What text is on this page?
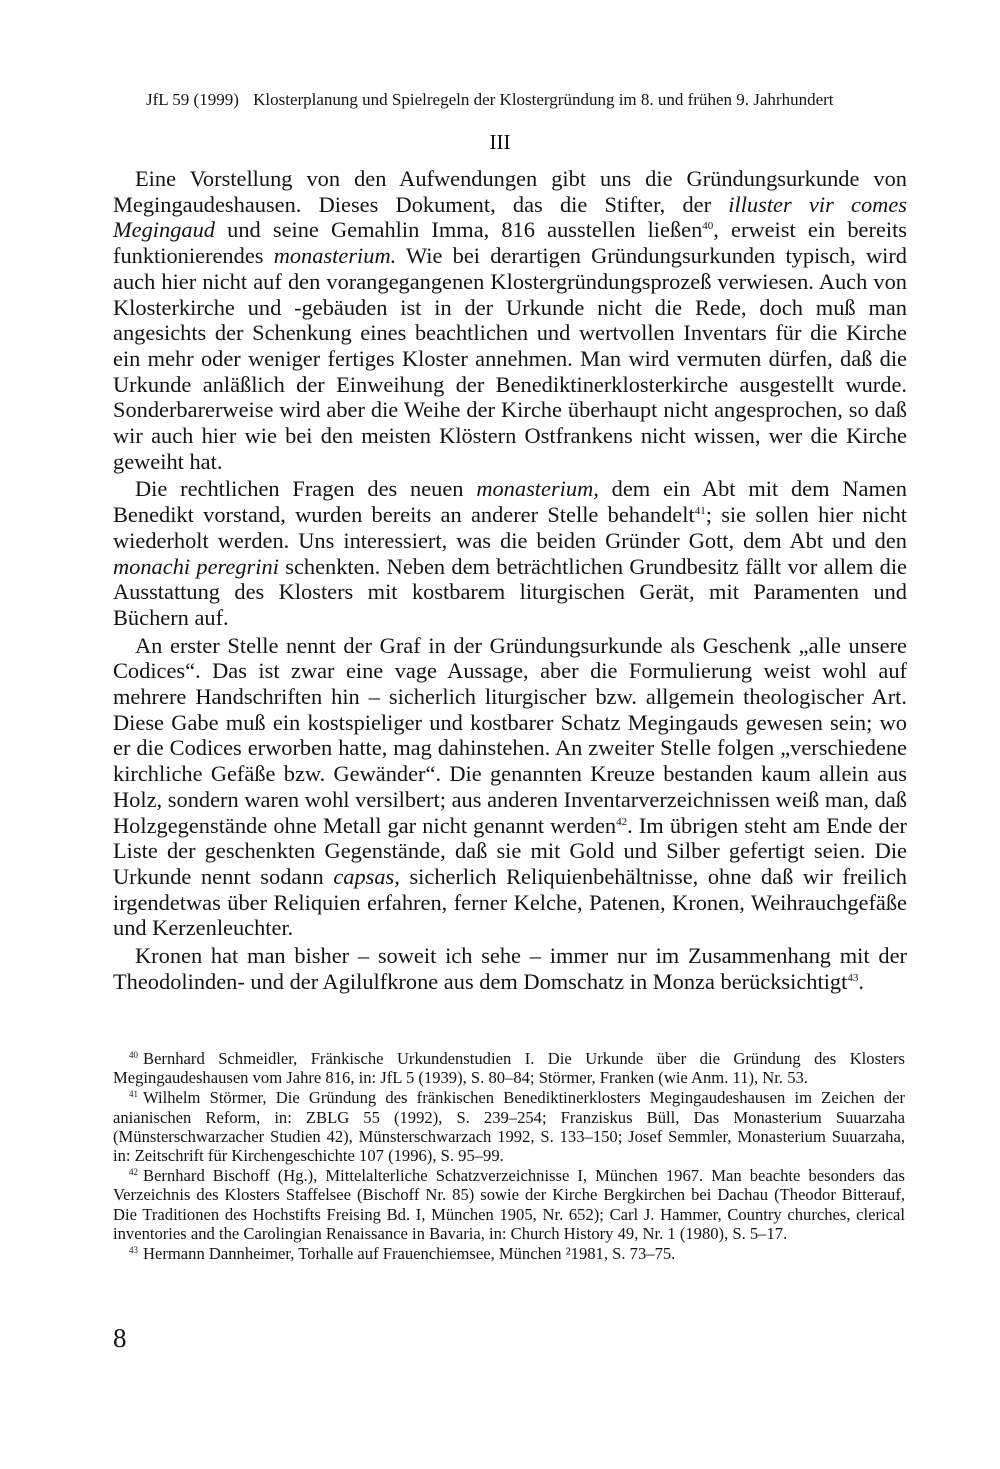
JfL 59 (1999) Klosterplanung und Spielregeln der Klostergründung im 8. und frühen 9. Jahrhundert
III

Eine Vorstellung von den Aufwendungen gibt uns die Gründungsurkunde von Megingaudeshausen. Dieses Dokument, das die Stifter, der illuster vir comes Megingaud und seine Gemahlin Imma, 816 ausstellen ließen$^{40}$, erweist ein bereits funktionierendes monasterium. Wie bei derartigen Gründungsurkunden typisch, wird auch hier nicht auf den vorangegangenen Klostergründungsprozeß verwiesen. Auch von Klosterkirche und -gebäuden ist in der Urkunde nicht die Rede, doch muß man angesichts der Schenkung eines beachtlichen und wertvollen Inventars für die Kirche ein mehr oder weniger fertiges Kloster annehmen. Man wird vermuten dürfen, daß die Urkunde anläßlich der Einweihung der Benediktinerklosterkirche ausgestellt wurde. Sonderbarerweise wird aber die Weihe der Kirche überhaupt nicht angesprochen, so daß wir auch hier wie bei den meisten Klöstern Ostfrankens nicht wissen, wer die Kirche geweiht hat.

Die rechtlichen Fragen des neuen monasterium, dem ein Abt mit dem Namen Benedikt vorstand, wurden bereits an anderer Stelle behandelt$^{41}$; sie sollen hier nicht wiederholt werden. Uns interessiert, was die beiden Gründer Gott, dem Abt und den monachi peregrini schenkten. Neben dem beträchtlichen Grundbesitz fällt vor allem die Ausstattung des Klosters mit kostbarem liturgischen Gerät, mit Paramenten und Büchern auf.

An erster Stelle nennt der Graf in der Gründungsurkunde als Geschenk „alle unsere Codices“. Das ist zwar eine vage Aussage, aber die Formulierung weist wohl auf mehrere Handschriften hin – sicherlich liturgischer bzw. allgemein theologischer Art. Diese Gabe muß ein kostspieliger und kostbarer Schatz Megingauds gewesen sein; wo er die Codices erworben hatte, mag dahinstehen. An zweiter Stelle folgen „verschiedene kirchliche Gefäße bzw. Gewänder“. Die genannten Kreuze bestanden kaum allein aus Holz, sondern waren wohl versilbert; aus anderen Inventarverzeichnissen weiß man, daß Holzgegenstände ohne Metall gar nicht genannt werden$^{42}$. Im übrigen steht am Ende der Liste der geschenkten Gegenstände, daß sie mit Gold und Silber gefertigt seien. Die Urkunde nennt sodann capsas, sicherlich Reliquienbehältnisse, ohne daß wir freilich irgendetwas über Reliquien erfahren, ferner Kelche, Patenen, Kronen, Weihrauchgefäße und Kerzenleuchter.

Kronen hat man bisher – soweit ich sehe – immer nur im Zusammenhang mit der Theodolinden- und der Agilulfkrone aus dem Domschatz in Monza berücksichtigt$^{43}$.

$^{40}$ Bernhard Schmeidler, Fränkische Urkundenstudien I. Die Urkunde über die Gründung des Klosters Megingaudeshausen vom Jahre 816, in: JfL 5 (1939), S. 80–84; Störmer, Franken (wie Anm. 11), Nr. 53.

$^{41}$ Wilhelm Störmer, Die Gründung des fränkischen Benediktinerklosters Megingaudeshausen im Zeichen der anianischen Reform, in: ZBLG 55 (1992), S. 239–254; Franziskus Büll, Das Monasterium Suuarzaha (Münsterschwarzacher Studien 42), Münsterschwarzach 1992, S. 133–150; Josef Semmler, Monasterium Suuarzaha, in: Zeitschrift für Kirchengeschichte 107 (1996), S. 95–99.

$^{42}$ Bernhard Bischoff (Hg.), Mittelalterliche Schatzverzeichnisse I, München 1967. Man beachte besonders das Verzeichnis des Klosters Staffelsee (Bischoff Nr. 85) sowie der Kirche Bergkirchen bei Dachau (Theodor Bitterauf, Die Traditionen des Hochstifts Freising Bd. I, München 1905, Nr. 652); Carl J. Hammer, Country churches, clerical inventories and the Carolingian Renaissance in Bavaria, in: Church History 49, Nr. 1 (1980), S. 5–17.

$^{43}$ Hermann Dannheimer, Torhalle auf Frauenchiemsee, München ²1981, S. 73–75.

8
